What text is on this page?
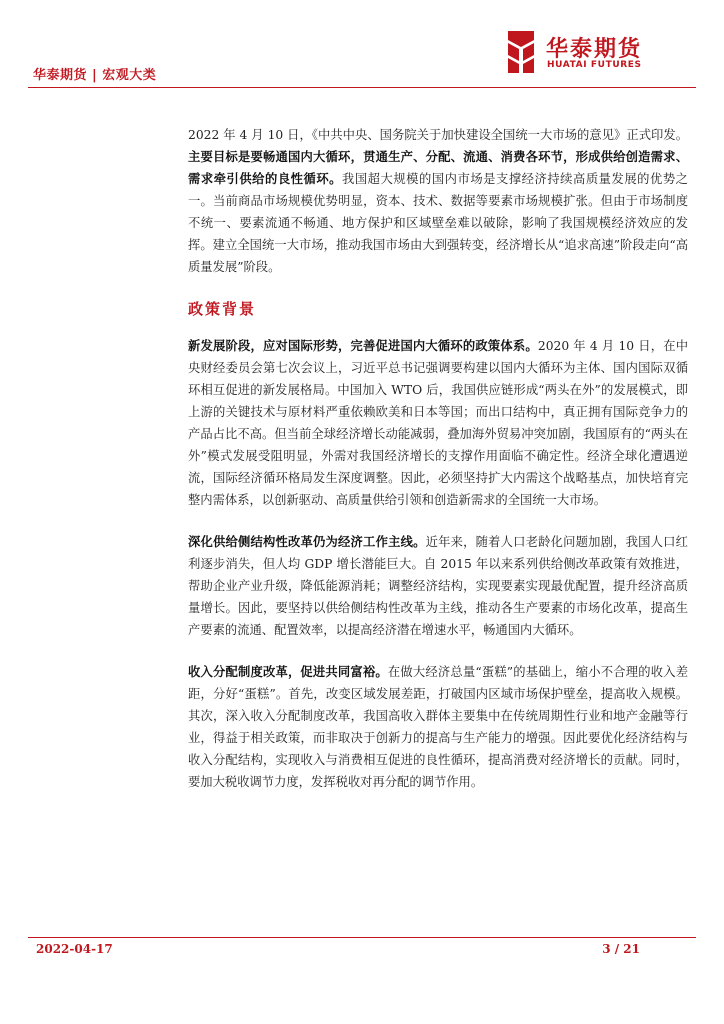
华泰期货 | 宏观大类
华泰期货
HUATAI FUTURES

2022 年 4 月 10 日，《中共中央、国务院关于加快建设全国统一大市场的意见》正式印发。主要目标是要畅通国内大循环，贯通生产、分配、流通、消费各环节，形成供给创造需求、需求牵引供给的良性循环。我国超大规模的国内市场是支撑经济持续高质量发展的优势之一。当前商品市场规模优势明显，资本、技术、数据等要素市场规模扩张。但由于市场制度不统一、要素流通不畅通、地方保护和区域壁垒难以破除，影响了我国规模经济效应的发挥。建立全国统一大市场，推动我国市场由大到强转变，经济增长从“追求高速”阶段走向“高质量发展”阶段。

政策背景

新发展阶段，应对国际形势，完善促进国内大循环的政策体系。2020 年 4 月 10 日，在中央财经委员会第七次会议上，习近平总书记强调要构建以国内大循环为主体、国内国际双循环相互促进的新发展格局。中国加入 WTO 后，我国供应链形成“两头在外”的发展模式，即上游的关键技术与原材料严重依赖欧美和日本等国；而出口结构中，真正拥有国际竞争力的产品占比不高。但当前全球经济增长动能减弱，叠加海外贸易冲突加剧，我国原有的“两头在外”模式发展受阻明显，外需对我国经济增长的支撑作用面临不确定性。经济全球化遭遇逆流，国际经济循环格局发生深度调整。因此，必须坚持扩大内需这个战略基点，加快培育完整内需体系，以创新驱动、高质量供给引领和创造新需求的全国统一大市场。

深化供给侧结构性改革仍为经济工作主线。近年来，随着人口老龄化问题加剧，我国人口红利逐步消失，但人均 GDP 增长潜能巨大。自 2015 年以来系列供给侧改革政策有效推进，帮助企业产业升级，降低能源消耗；调整经济结构，实现要素实现最优配置，提升经济高质量增长。因此，要坚持以供给侧结构性改革为主线，推动各生产要素的市场化改革，提高生产要素的流通、配置效率，以提高经济潜在增速水平，畅通国内大循环。

收入分配制度改革，促进共同富裕。在做大经济总量“蛋糕”的基础上，缩小不合理的收入差距，分好“蛋糕”。首先，改变区域发展差距，打破国内区域市场保护壁垒，提高收入规模。其次，深入收入分配制度改革，我国高收入群体主要集中在传统周期性行业和地产金融等行业，得益于相关政策，而非取决于创新力的提高与生产能力的增强。因此要优化经济结构与收入分配结构，实现收入与消费相互促进的良性循环，提高消费对经济增长的贡献。同时，要加大税收调节力度，发挥税收对再分配的调节作用。

2022-04-17	3 / 21
